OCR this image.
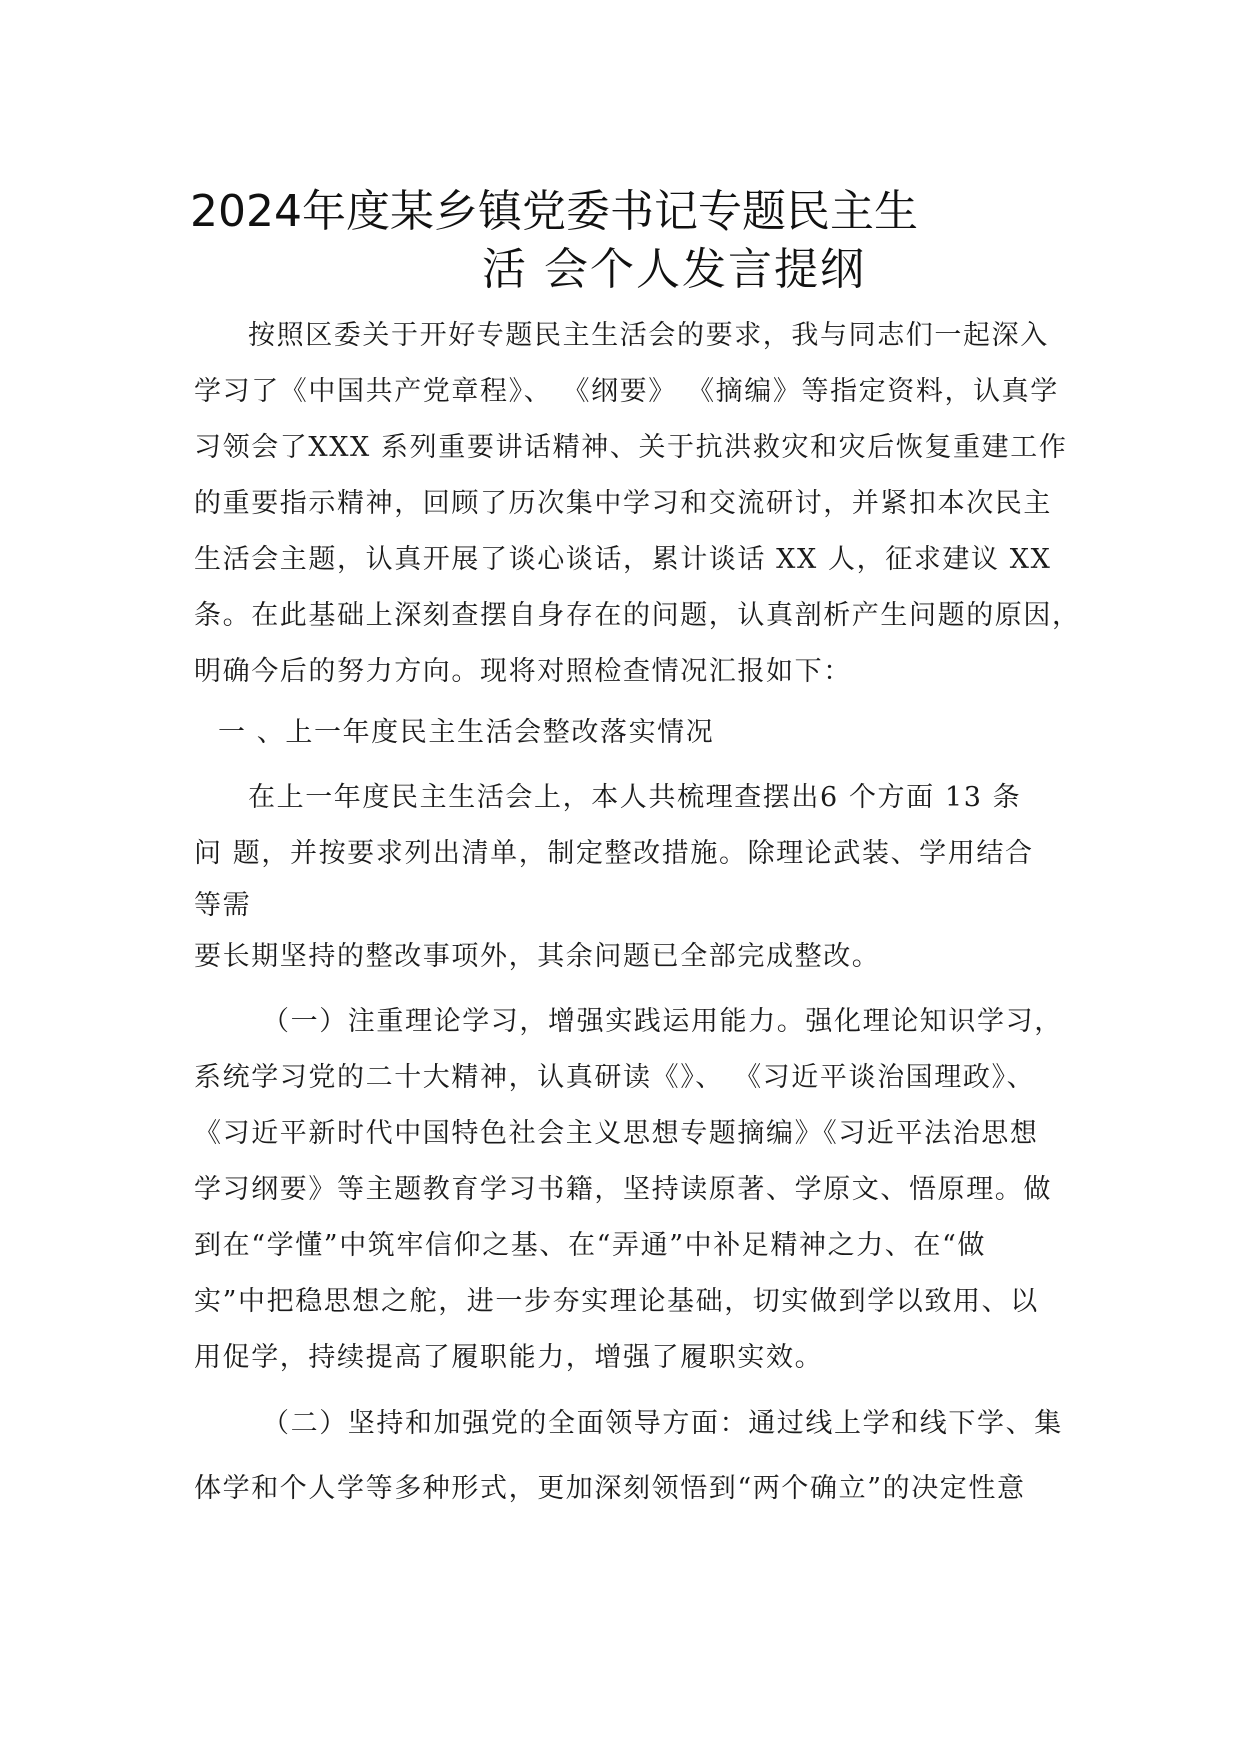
2024年度某乡镇党委书记专题民主生
活 会个人发言提纲
按照区委关于开好专题民主生活会的要求，我与同志们一起深入
学习了《中国共产党章程》、 《纲要》 《摘编》等指定资料，认真学
习领会了XXX 系列重要讲话精神、关于抗洪救灾和灾后恢复重建工作
的重要指示精神，回顾了历次集中学习和交流研讨，并紧扣本次民主
生活会主题，认真开展了谈心谈话，累计谈话 XX 人，征求建议 XX
条。在此基础上深刻查摆自身存在的问题，认真剖析产生问题的原因，
明确今后的努力方向。现将对照检查情况汇报如下：
一 、上一年度民主生活会整改落实情况
在上一年度民主生活会上，本人共梳理查摆出6 个方面 13 条
问 题，并按要求列出清单，制定整改措施。除理论武装、学用结合
等需
要长期坚持的整改事项外，其余问题已全部完成整改。
（一）注重理论学习，增强实践运用能力。强化理论知识学习，
系统学习党的二十大精神，认真研读《》、 《习近平谈治国理政》、
《习近平新时代中国特色社会主义思想专题摘编》《习近平法治思想
学习纲要》等主题教育学习书籍，坚持读原著、学原文、悟原理。做
到在“学懂”中筑牢信仰之基、在“弄通”中补足精神之力、在“做
实”中把稳思想之舵，进一步夯实理论基础，切实做到学以致用、以
用促学，持续提高了履职能力，增强了履职实效。
（二）坚持和加强党的全面领导方面：通过线上学和线下学、集
体学和个人学等多种形式，更加深刻领悟到“两个确立”的决定性意
